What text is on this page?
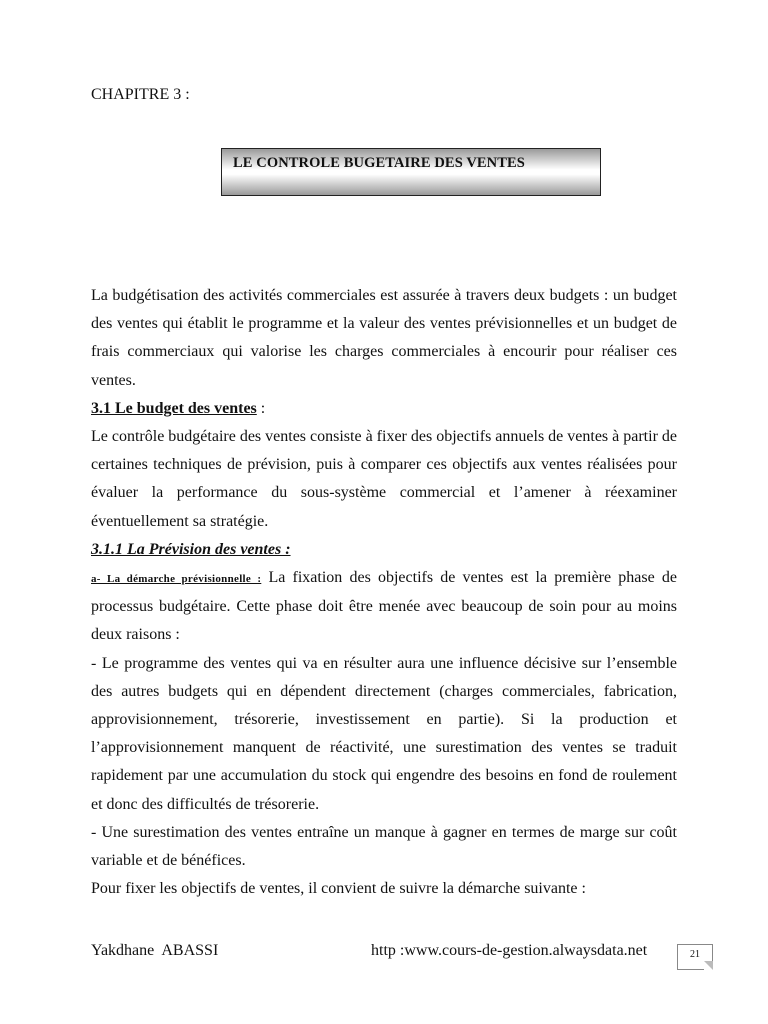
CHAPITRE 3 :
LE CONTROLE BUGETAIRE DES VENTES

La budgétisation des activités commerciales est assurée à travers deux budgets : un budget des ventes qui établit le programme et la valeur des ventes prévisionnelles et un budget de frais commerciaux qui valorise les charges commerciales à encourir pour réaliser ces ventes.

3.1 Le budget des ventes :

Le contrôle budgétaire des ventes consiste à fixer des objectifs annuels de ventes à partir de certaines techniques de prévision, puis à comparer ces objectifs aux ventes réalisées pour évaluer la performance du sous-système commercial et l’amener à réexaminer éventuellement sa stratégie.

3.1.1 La Prévision des ventes :

a- La démarche prévisionnelle : La fixation des objectifs de ventes est la première phase de processus budgétaire. Cette phase doit être menée avec beaucoup de soin pour au moins deux raisons :

- Le programme des ventes qui va en résulter aura une influence décisive sur l’ensemble des autres budgets qui en dépendent directement (charges commerciales, fabrication, approvisionnement, trésorerie, investissement en partie). Si la production et l’approvisionnement manquent de réactivité, une surestimation des ventes se traduit rapidement par une accumulation du stock qui engendre des besoins en fond de roulement et donc des difficultés de trésorerie.

- Une surestimation des ventes entraîne un manque à gagner en termes de marge sur coût variable et de bénéfices.

Pour fixer les objectifs de ventes, il convient de suivre la démarche suivante :

Yakdhane ABASSI	http :www.cours-de-gestion.alwaysdata.net	21
